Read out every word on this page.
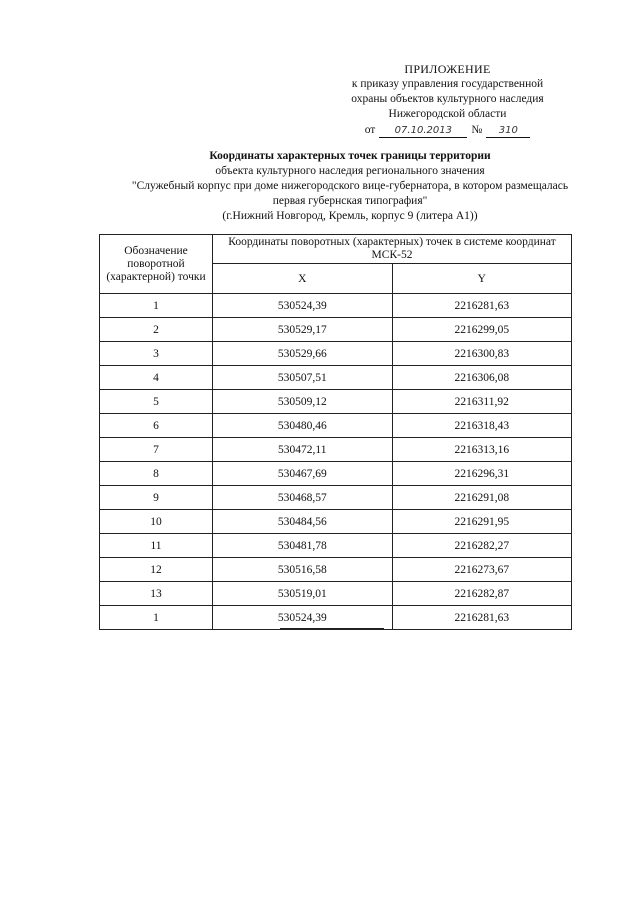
ПРИЛОЖЕНИЕ
к приказу управления государственной
охраны объектов культурного наследия
Нижегородской области
от	07.10.2013	№	310
Координаты характерных точек границы территории
объекта культурного наследия регионального значения
"Служебный корпус при доме нижегородского вице-губернатора, в котором размещалась
первая губернская типография"
(г.Нижний Новгород, Кремль, корпус 9 (литера А1))
Обозначение поворотной (характерной) точки	Координаты поворотных (характерных) точек в системе координат МСК-52	
	X	Y
1	530524,39	2216281,63
2	530529,17	2216299,05
3	530529,66	2216300,83
4	530507,51	2216306,08
5	530509,12	2216311,92
6	530480,46	2216318,43
7	530472,11	2216313,16
8	530467,69	2216296,31
9	530468,57	2216291,08
10	530484,56	2216291,95
11	530481,78	2216282,27
12	530516,58	2216273,67
13	530519,01	2216282,87
1	530524,39	2216281,63
